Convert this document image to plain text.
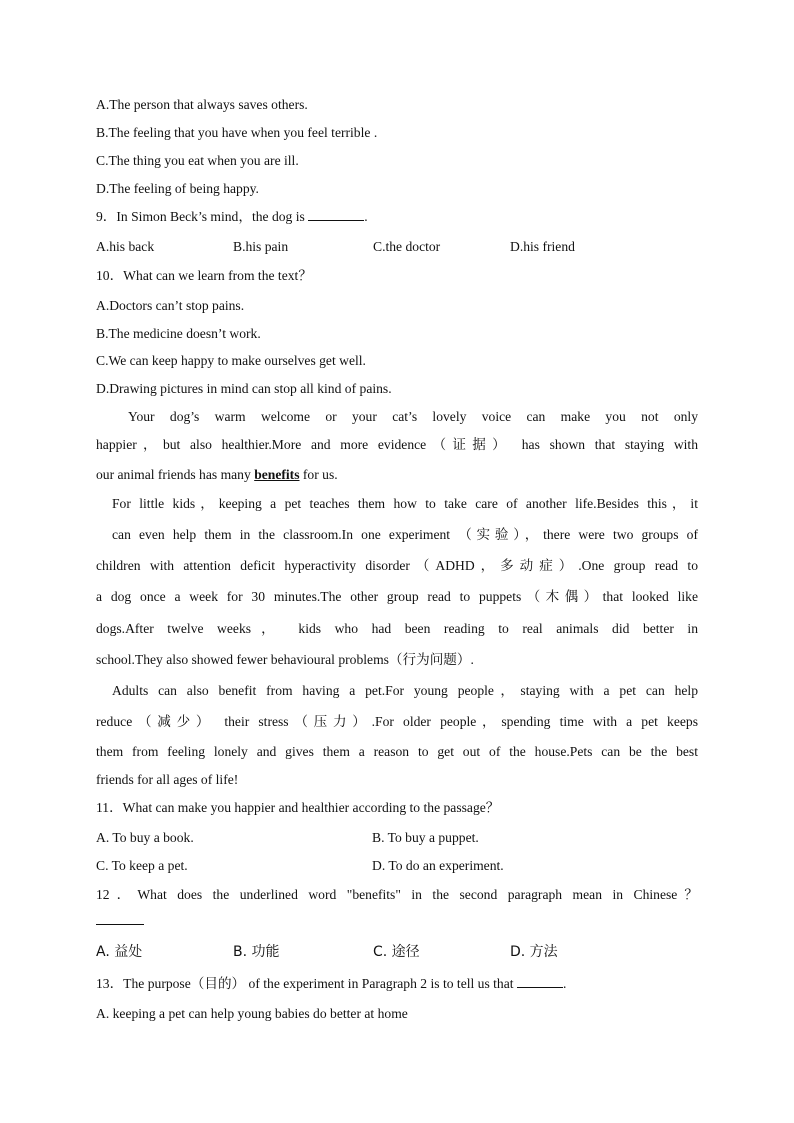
A.The person that always saves others.
B.The feeling that you have when you feel terrible .
C.The thing you eat when you are ill.
D.The feeling of being happy.
9．In Simon Beck’s mind，the dog is	.
A.his back	B.his pain	C.the doctor	D.his friend
10．What can we learn from the text？
A.Doctors can’t stop pains.
B.The medicine doesn’t work.
C.We can keep happy to make ourselves get well.
D.Drawing pictures in mind can stop all kind of pains.
Your dog’s warm welcome or your cat’s lovely voice can make you not only
happier，but also healthier.More and more evidence（证据） has shown that staying with
our animal friends has many benefits for us.
For little kids，keeping a pet teaches them how to take care of another life.Besides this，it
can even help them in the classroom.In one experiment （实验），there were two groups of
children with attention deficit hyperactivity disorder（ADHD，多动症）.One group read to
a dog once a week for 30 minutes.The other group read to puppets（木偶）that looked like
dogs.After twelve weeks， kids who had been reading to real animals did better in
school.They also showed fewer behavioural problems（行为问题）.
Adults can also benefit from having a pet.For young people，staying with a pet can help
reduce（减少） their stress（压力）.For older people，spending time with a pet keeps
them from feeling lonely and gives them a reason to get out of the house.Pets can be the best
friends for all ages of life!
11．What can make you happier and healthier according to the passage？
A. To buy a book.	B. To buy a puppet.
C. To keep a pet.	D. To do an experiment.
12．What does the underlined word "benefits" in the second paragraph mean in Chinese？
A. 益处	B. 功能	C. 途径	D. 方法
13．The purpose（目的） of the experiment in Paragraph 2 is to tell us that	.
A. keeping a pet can help young babies do better at home
